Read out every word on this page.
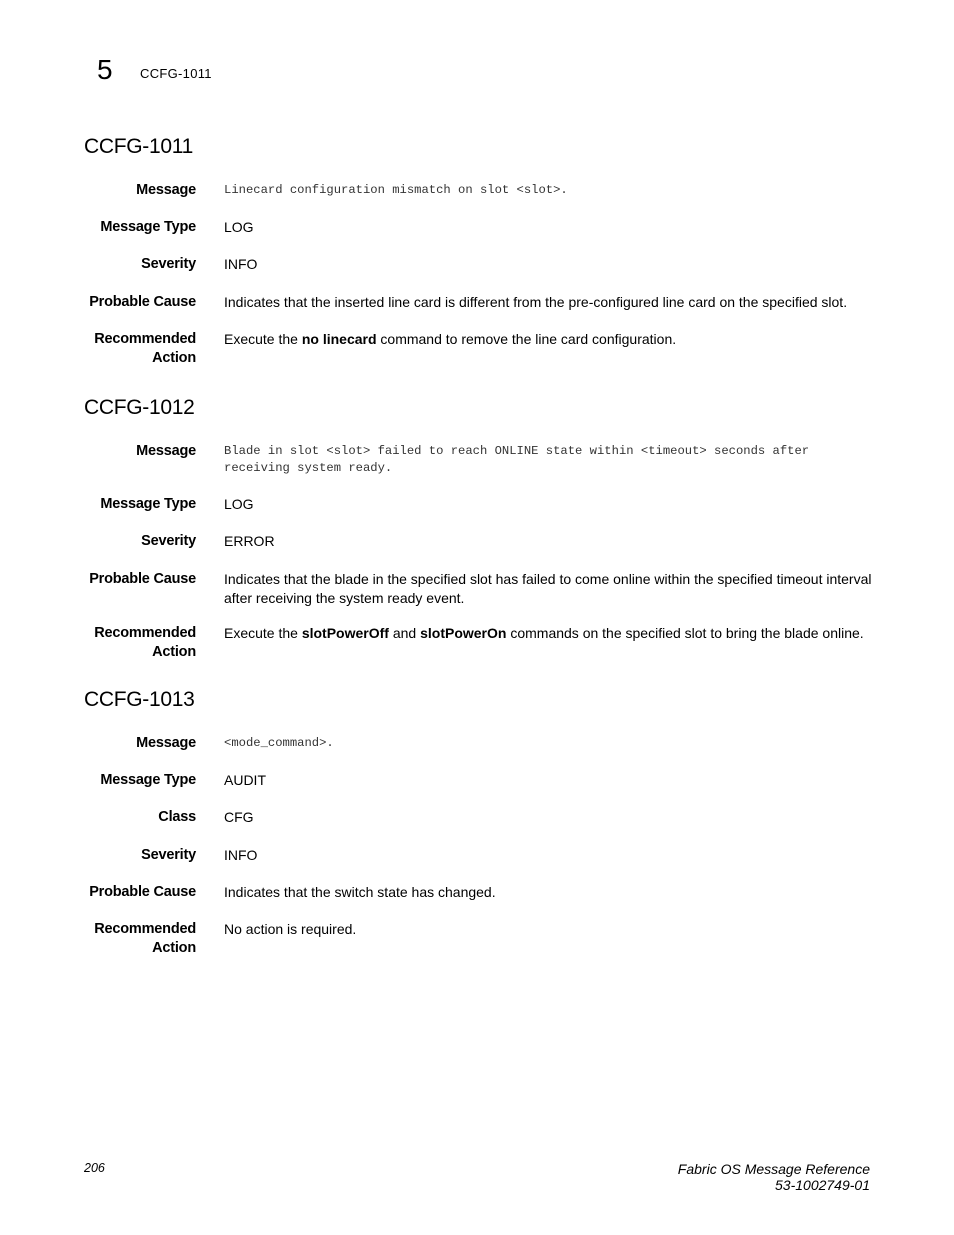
5 CCFG-1011
CCFG-1011
Message Linecard configuration mismatch on slot <slot>.
Message Type LOG
Severity INFO
Probable Cause Indicates that the inserted line card is different from the pre-configured line card on the specified slot.
Recommended
Action
Execute the no linecard command to remove the line card configuration.
CCFG-1012
Message Blade in slot <slot> failed to reach ONLINE state within <timeout> seconds after
receiving system ready.
Message Type LOG
Severity ERROR
Probable Cause Indicates that the blade in the specified slot has failed to come online within the specified timeout interval
after receiving the system ready event.
Recommended
Action
Execute the slotPowerOff and slotPowerOn commands on the specified slot to bring the blade online.
CCFG-1013
Message <mode_command>.
Message Type AUDIT
Class CFG
Severity INFO
Probable Cause Indicates that the switch state has changed.
Recommended
Action
No action is required.
206	Fabric OS Message Reference
53-1002749-01
